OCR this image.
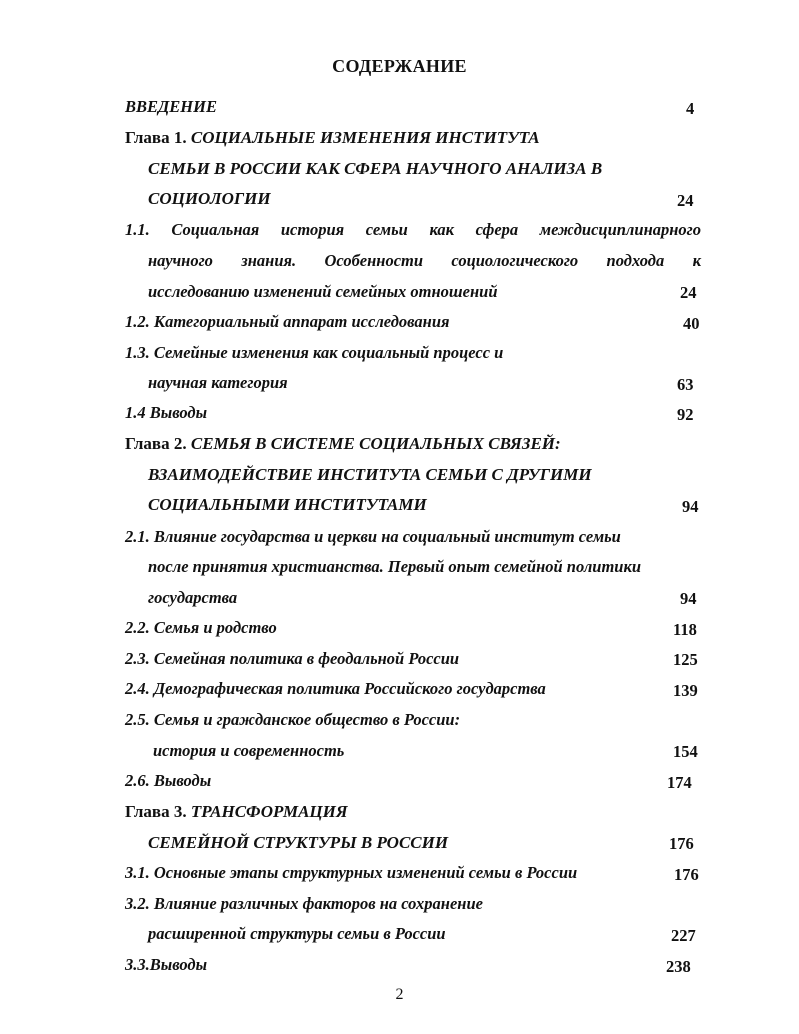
СОДЕРЖАНИЕ
ВВЕДЕНИЕ	4
Глава 1. СОЦИАЛЬНЫЕ ИЗМЕНЕНИЯ ИНСТИТУТА
СЕМЬИ В РОССИИ КАК СФЕРА НАУЧНОГО АНАЛИЗА В
СОЦИОЛОГИИ	24
1.1. Социальная история семьи как сфера междисциплинарного
научного знания. Особенности социологического подхода к
исследованию изменений семейных отношений	24
1.2. Категориальный аппарат исследования	40
1.3. Семейные изменения как социальный процесс и
научная категория	63
1.4 Выводы	92
Глава 2. СЕМЬЯ В СИСТЕМЕ СОЦИАЛЬНЫХ СВЯЗЕЙ:
ВЗАИМОДЕЙСТВИЕ ИНСТИТУТА СЕМЬИ С ДРУГИМИ
СОЦИАЛЬНЫМИ ИНСТИТУТАМИ	94
2.1. Влияние государства и церкви на социальный институт семьи
после принятия христианства. Первый опыт семейной политики
государства	94
2.2. Семья и родство	118
2.3. Семейная политика в феодальной России	125
2.4. Демографическая политика Российского государства	139
2.5. Семья и гражданское общество в России:
история и современность	154
2.6. Выводы	174
Глава 3. ТРАНСФОРМАЦИЯ
СЕМЕЙНОЙ СТРУКТУРЫ В РОССИИ	176
3.1. Основные этапы структурных изменений семьи в России	176
3.2. Влияние различных факторов на сохранение
расширенной структуры семьи в России	227
3.3.Выводы	238
2
